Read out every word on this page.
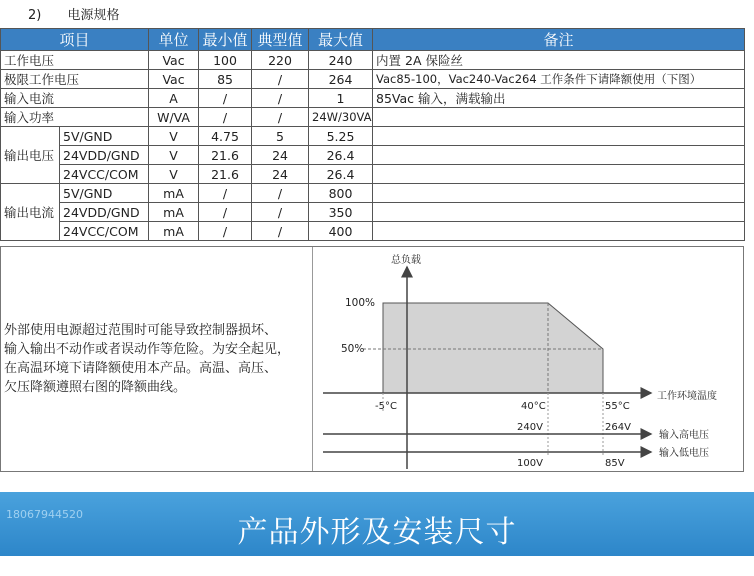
2) 电源规格
项目		单位	最小值	典型值	最大值	备注
工作电压		Vac	100	220	240	内置 2A 保险丝
极限工作电压		Vac	85	/	264	Vac85-100，Vac240-Vac264 工作条件下请降额使用（下图）
输入电流		A	/	/	1	85Vac 输入，满载输出
输入功率		W/VA	/	/	24W/30VA	
输出电压	5V/GND	V	4.75	5	5.25	
	24VDD/GND	V	21.6	24	26.4	
	24VCC/COM	V	21.6	24	26.4	
输出电流	5V/GND	mA	/	/	800	
	24VDD/GND	mA	/	/	350	
	24VCC/COM	mA	/	/	400	
外部使用电源超过范围时可能导致控制器损坏、
输入输出不动作或者误动作等危险。为安全起见，
在高温环境下请降额使用本产品。高温、高压、
欠压降额遵照右图的降额曲线。
总负载
100%
50%
工作环境温度
-5°C	40°C	55°C
输入高电压
240V	264V
输入低电压
100V	85V
18067944520
产品外形及安装尺寸
